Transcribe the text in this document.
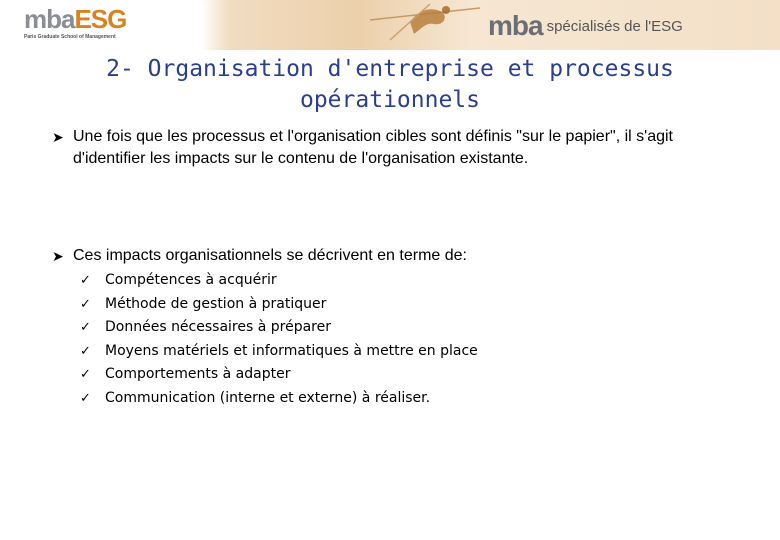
mbaESG
Paris Graduate School of Management	mba spécialisés de l'ESG
2- Organisation d'entreprise et processus
opérationnels
➤ Une fois que les processus et l'organisation cibles sont définis "sur le papier", il s'agit d'identifier les impacts sur le contenu de l'organisation existante.
➤ Ces impacts organisationnels se décrivent en terme de:
✓ Compétences à acquérir
✓ Méthode de gestion à pratiquer
✓ Données nécessaires à préparer
✓ Moyens matériels et informatiques à mettre en place
✓ Comportements à adapter
✓ Communication (interne et externe) à réaliser.
